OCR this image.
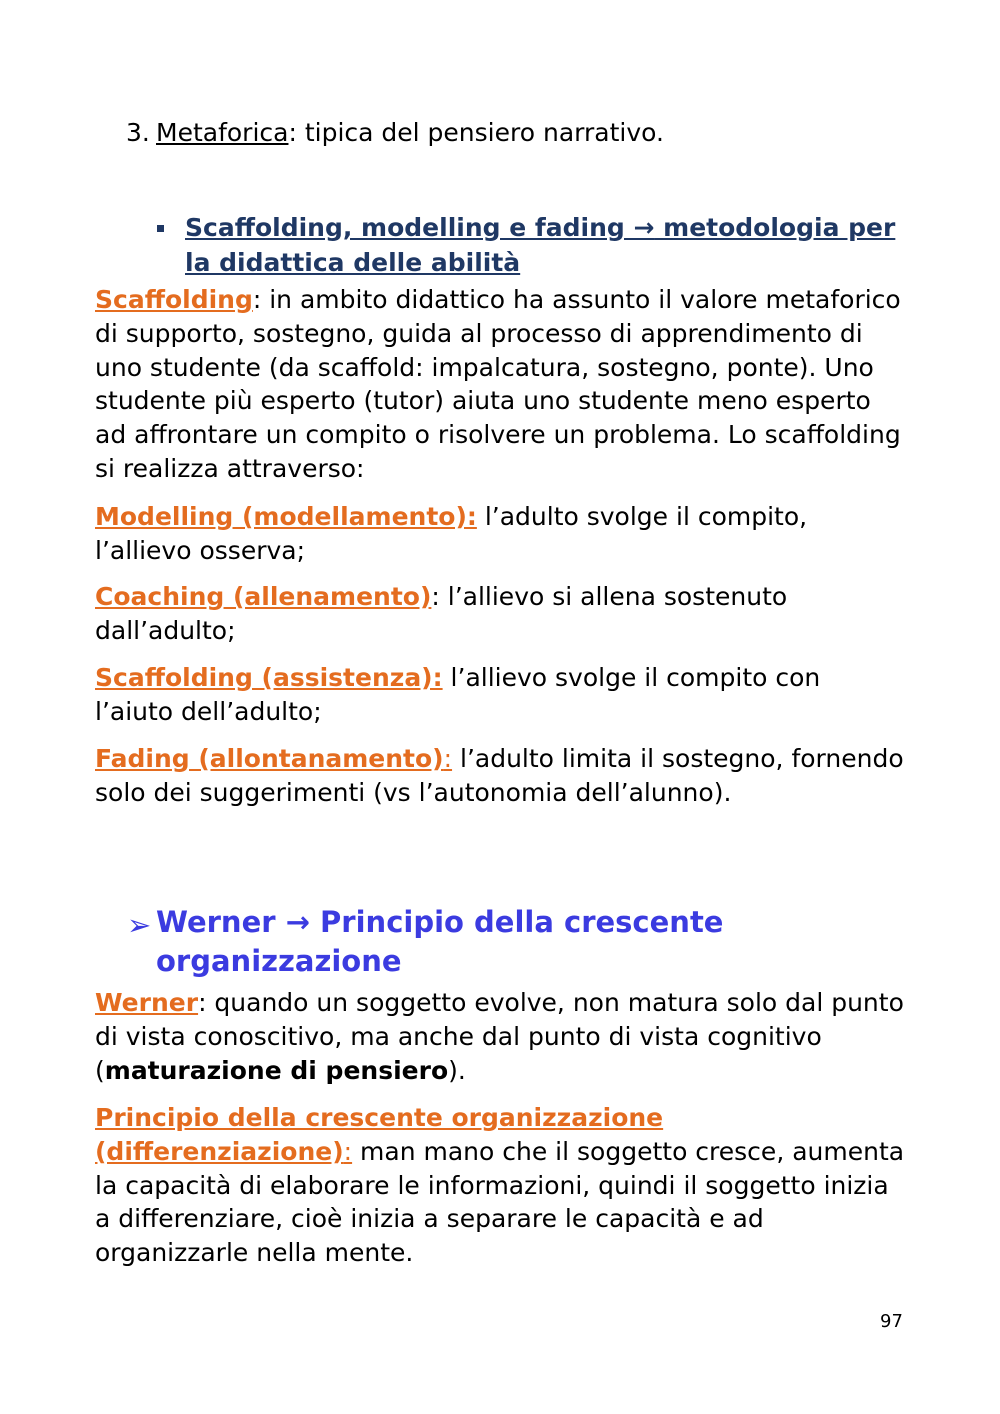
3. Metaforica: tipica del pensiero narrativo.
Scaffolding, modelling e fading → metodologia per la didattica delle abilità

Scaffolding: in ambito didattico ha assunto il valore metaforico di supporto, sostegno, guida al processo di apprendimento di uno studente (da scaffold: impalcatura, sostegno, ponte). Uno studente più esperto (tutor) aiuta uno studente meno esperto ad affrontare un compito o risolvere un problema. Lo scaffolding si realizza attraverso:

Modelling (modellamento): l’adulto svolge il compito, l’allievo osserva;

Coaching (allenamento): l’allievo si allena sostenuto dall’adulto;

Scaffolding (assistenza): l’allievo svolge il compito con l’aiuto dell’adulto;

Fading (allontanamento): l’adulto limita il sostegno, fornendo solo dei suggerimenti (vs l’autonomia dell’alunno).

➢ Werner → Principio della crescente organizzazione

Werner: quando un soggetto evolve, non matura solo dal punto di vista conoscitivo, ma anche dal punto di vista cognitivo (maturazione di pensiero).

Principio della crescente organizzazione (differenziazione): man mano che il soggetto cresce, aumenta la capacità di elaborare le informazioni, quindi il soggetto inizia a differenziare, cioè inizia a separare le capacità e ad organizzarle nella mente.

97
